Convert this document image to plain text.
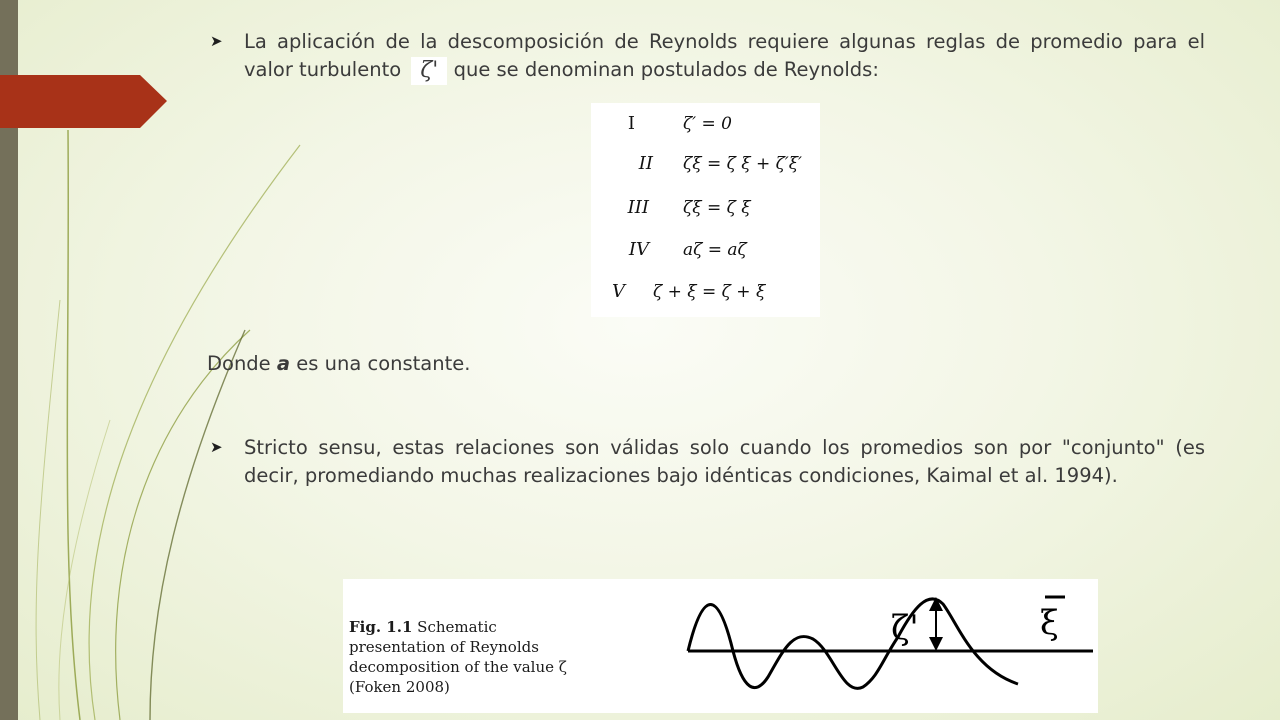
➤ La aplicación de la descomposición de Reynolds requiere algunas reglas de promedio para el valor turbulento ζ' que se denominan postulados de Reynolds:
I	ζ′ = 0
II ζξ = ζ ξ + ζ′ξ′
III ζξ = ζ ξ
IV aζ = aζ
V ζ + ξ = ζ + ξ
Donde a es una constante.
➤ Stricto sensu, estas relaciones son válidas solo cuando los promedios son por "conjunto" (es decir, promediando muchas realizaciones bajo idénticas condiciones, Kaimal et al. 1994).
Fig. 1.1 Schematic presentation of Reynolds decomposition of the value ζ (Foken 2008)
ζ'	ξ
